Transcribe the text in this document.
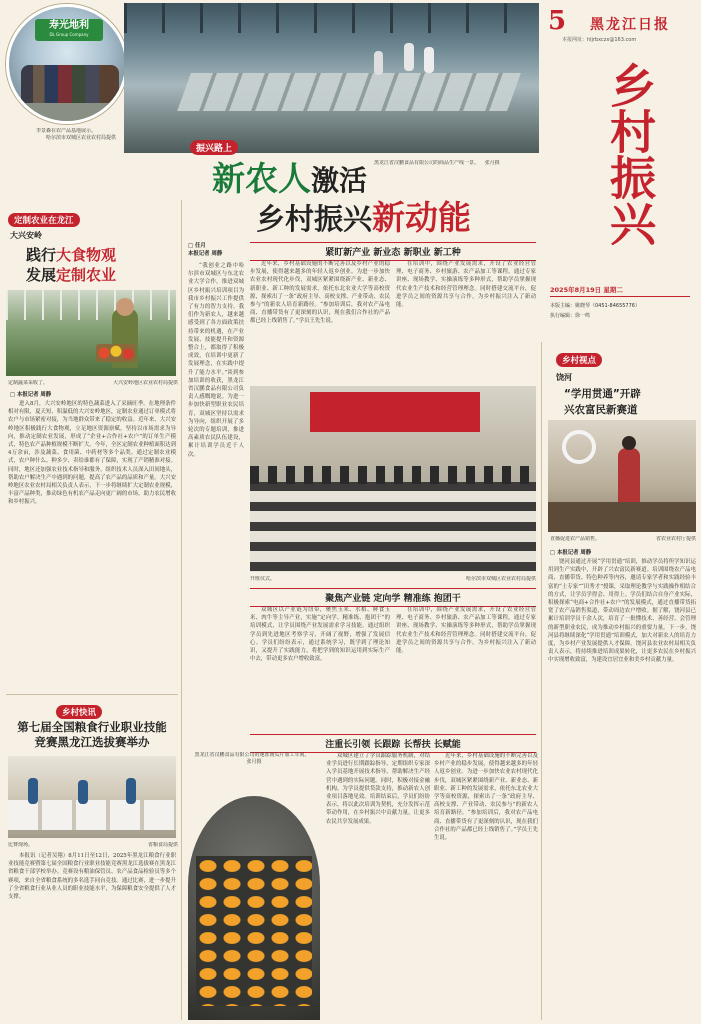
寿光地利
DL Group Company
李景森在农产品基地展示。
哈尔滨市双城区农业农村局提供
黑龙江省汉鹏食品有限公司的商品生产线一景。 张月摄
5 黑龙江日报
本报网址：hljrbxczx@163.com
乡村振兴
2025年8月19日 星期二
本版主编：姚晓琴（0451-84655776）
执行编辑：徐一鸣
振兴路上
新农人激活
乡村振兴新动能
定制农业在龙江
大兴安岭
践行大食物观
发展定制农业
定制蔬菜采收了。	大兴安岭地区农业农村局提供
□ 本报记者 周静
进入8月，大兴安岭地区的特色蔬菜进入了采摘旺季。在地理条件相对有限，夏天短、积温低的大兴安岭地区，定制农业通过订单模式将农户与市场紧密对接，为当地群众带来了稳定的收益。近年来，大兴安岭地区积极践行大食物观，立足地区资源禀赋，坚持以市场需求为导向，推动定制农业发展，形成了“企业+合作社+农户”的订单生产模式，特色农产品种植规模不断扩大。今年，全区定制农业种植面积达到4万余亩，涉及蔬菜、食用菌、中药材等多个品类。通过定制农业模式，农户种什么、种多少、卖给谁都有了保障，实现了产销精准对接。同时，地区还加强农业技术指导和服务，组织技术人员深入田间地头，帮助农户解决生产中遇到的问题，提高了农产品的品质和产量。大兴安岭地区农业农村局相关负责人表示，下一步将继续扩大定制农业规模，丰富产品种类，推动绿色有机农产品走向更广阔的市场，助力农民增收和乡村振兴。
乡村快讯
第七届全国粮食行业职业技能竞赛黑龙江选拔赛举办
比赛现场。	省粮食局提供
本报讯（记者吴翔）8月11日至12日，2025年黑龙江粮食行业职业技能竞赛暨第七届全国粮食行业职业技能竞赛黑龙江选拔赛在黑龙江省粮食干部学校举办。竞赛设有粮油保管员、农产品食品检验员等多个赛项，来自全省粮食系统的多名选手同台竞技。通过比赛，进一步提升了全省粮食行业从业人员的职业技能水平，为保障粮食安全提供了人才支撑。
□ 任月
本报记者 周静
“我创业之路中哈尔滨市双城区与东北农业大学合作，推进双城区乡村振兴培训项目为我市乡村振兴工作提供了有力的智力支持。我们作为新农人，越来越感受到了各方面政策扶持带来的机遇，在产业发展、技能提升和资源整合上，都取得了积极成效，在培训中更新了发展理念，在实践中提升了能力水平。”谈到参加培训的收获，黑龙江省汉鹏食品有限公司负责人感慨地说。为进一步加快新型职业农民培育，双城区坚持以需求为导向，组织开展了多轮次的专题培训，推进高素质农民队伍建设，累计培训学员近千人次。
紧盯新产业 新业态 新职业 新工种
近年来，乡村基础设施的不断完善以及乡村产业的稳步发展，使得越来越多的年轻人返乡创业。为进一步加快农业农村现代化步伐，双城区紧紧围绕新产业、新业态、新职业、新工种的发展需求，依托东北农业大学等高校资源，探索出了一条“政府主导、高校支撑、产业带动、农民参与”的新农人培育新路径。“参加培训后，我对农产品电商、直播带货有了更深刻的认识，现在我们合作社的产品都已经上线销售了。”学员王先生说。
在培训中，围绕产业发展需求，开设了农业经营管理、电子商务、乡村旅游、农产品加工等课程，通过专家讲座、现场教学、实操演练等多种形式，帮助学员掌握现代农业生产技术和经营管理理念。同时搭建交流平台，促进学员之间的资源共享与合作，为乡村振兴注入了新动能。
开班仪式。	哈尔滨市双城区农业农村局提供
聚焦产业链 定向学 精准练 抱团干
双城区以产业链为纽带，聚焦玉米、水稻、鲜食玉米、肉牛等主导产业，实施“定向学、精准练、抱团干”的培训模式，让学员围绕产业发展需求学习技能。通过组织学员到先进地区考察学习，开阔了视野，增强了发展信心。学员们纷纷表示，通过系统学习，既学到了理论知识，又提升了实践能力，将把学到的知识运用到实际生产中去，带动更多农户增收致富。
在培训中，围绕产业发展需求，开设了农业经营管理、电子商务、乡村旅游、农产品加工等课程，通过专家讲座、现场教学、实操演练等多种形式，帮助学员掌握现代农业生产技术和经营管理理念。同时搭建交流平台，促进学员之间的资源共享与合作，为乡村振兴注入了新动能。
注重长引领 长跟踪 长帮扶 长赋能
黑龙江省汉鹏食品有限公司的速冻南瓜片加工车间。 张月摄
双城区建立了学员跟踪服务机制，对结业学员进行长期跟踪指导，定期组织专家深入学员基地开展技术指导，帮助解决生产经营中遇到的实际问题。同时，积极对接金融机构，为学员提供贷款支持，推动新农人创业项目落地见效。培训结束后，学员们纷纷表示，将以此次培训为契机，充分发挥示范带动作用，在乡村振兴中贡献力量，让更多农民共享发展成果。
近年来，乡村基础设施的不断完善以及乡村产业的稳步发展，使得越来越多的年轻人返乡创业。为进一步加快农业农村现代化步伐，双城区紧紧围绕新产业、新业态、新职业、新工种的发展需求，依托东北农业大学等高校资源，探索出了一条“政府主导、高校支撑、产业带动、农民参与”的新农人培育新路径。“参加培训后，我对农产品电商、直播带货有了更深刻的认识，现在我们合作社的产品都已经上线销售了。”学员王先生说。
乡村视点
饶河
“学用贯通”开辟
兴农富民新赛道
直播促进农产品销售。	省农业农村厅提供
□ 本报记者 周静
饶河县通过开展“学用贯通”培训，推动学员将所学知识运用到生产实践中，开辟了兴农富民新赛道。培训围绕农产品电商、直播带货、特色种养等内容，邀请专家学者和实践经验丰富的“土专家”“田秀才”授课，采取理论教学与实践操作相结合的方式，让学员学得会、用得上。学员们结合自身产业实际，积极探索“电商+合作社+农户”的发展模式，通过直播带货拓宽了农产品销售渠道，带动周边农户增收。据了解，饶河县已累计培训学员千余人次，培育了一批懂技术、善经营、会管理的新型职业农民，成为推动乡村振兴的重要力量。下一步，饶河县将继续深化“学用贯通”培训模式，加大对新农人的培育力度，为乡村产业发展提供人才保障。饶河县农业农村局相关负责人表示，将持续推进培训成果转化，让更多农民在乡村振兴中实现增收致富，为建设宜居宜业和美乡村贡献力量。
